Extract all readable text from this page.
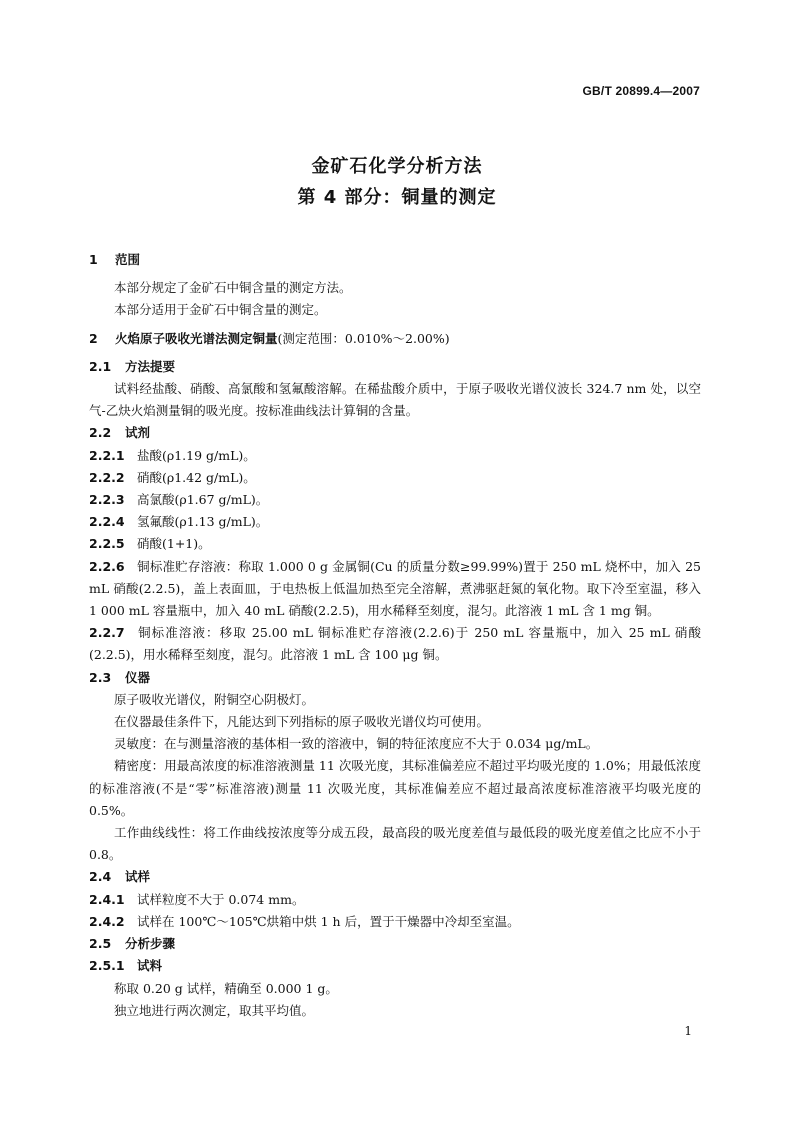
GB/T 20899.4—2007
金矿石化学分析方法
第 4 部分：铜量的测定

1 范围

本部分规定了金矿石中铜含量的测定方法。

本部分适用于金矿石中铜含量的测定。

2 火焰原子吸收光谱法测定铜量(测定范围：0.010%～2.00%)

2.1 方法提要

试料经盐酸、硝酸、高氯酸和氢氟酸溶解。在稀盐酸介质中，于原子吸收光谱仪波长 324.7 nm 处，以空气-乙炔火焰测量铜的吸光度。按标准曲线法计算铜的含量。

2.2 试剂

2.2.1 盐酸(ρ1.19 g/mL)。

2.2.2 硝酸(ρ1.42 g/mL)。

2.2.3 高氯酸(ρ1.67 g/mL)。

2.2.4 氢氟酸(ρ1.13 g/mL)。

2.2.5 硝酸(1+1)。

2.2.6 铜标准贮存溶液：称取 1.000 0 g 金属铜(Cu 的质量分数≥99.99%)置于 250 mL 烧杯中，加入 25 mL 硝酸(2.2.5)，盖上表面皿，于电热板上低温加热至完全溶解，煮沸驱赶氮的氧化物。取下冷至室温，移入 1 000 mL 容量瓶中，加入 40 mL 硝酸(2.2.5)，用水稀释至刻度，混匀。此溶液 1 mL 含 1 mg 铜。

2.2.7 铜标准溶液：移取 25.00 mL 铜标准贮存溶液(2.2.6)于 250 mL 容量瓶中，加入 25 mL 硝酸(2.2.5)，用水稀释至刻度，混匀。此溶液 1 mL 含 100 μg 铜。

2.3 仪器

原子吸收光谱仪，附铜空心阴极灯。

在仪器最佳条件下，凡能达到下列指标的原子吸收光谱仪均可使用。

灵敏度：在与测量溶液的基体相一致的溶液中，铜的特征浓度应不大于 0.034 μg/mL。

精密度：用最高浓度的标准溶液测量 11 次吸光度，其标准偏差应不超过平均吸光度的 1.0%；用最低浓度的标准溶液(不是“零”标准溶液)测量 11 次吸光度，其标准偏差应不超过最高浓度标准溶液平均吸光度的 0.5%。

工作曲线线性：将工作曲线按浓度等分成五段，最高段的吸光度差值与最低段的吸光度差值之比应不小于 0.8。

2.4 试样

2.4.1 试样粒度不大于 0.074 mm。

2.4.2 试样在 100℃～105℃烘箱中烘 1 h 后，置于干燥器中冷却至室温。

2.5 分析步骤

2.5.1 试料

称取 0.20 g 试样，精确至 0.000 1 g。

独立地进行两次测定，取其平均值。

1
